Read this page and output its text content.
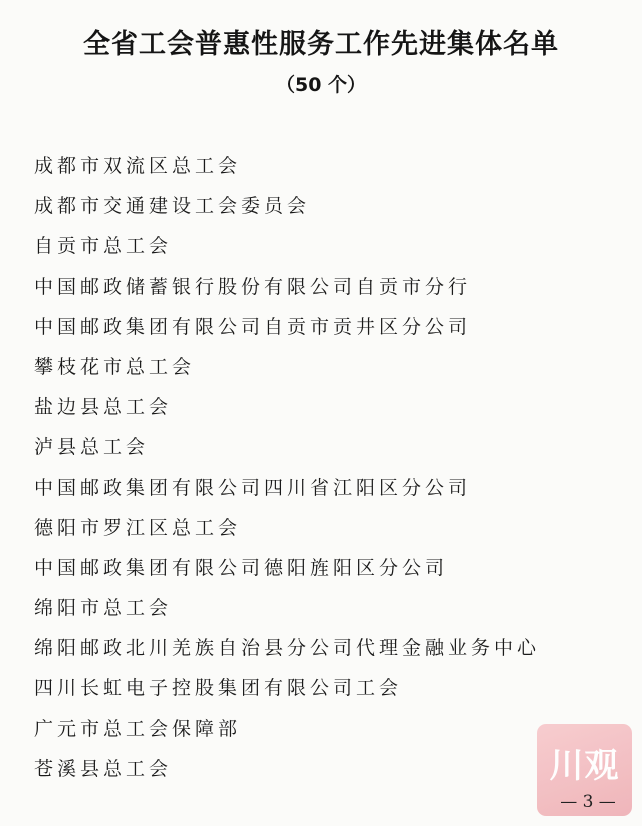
全省工会普惠性服务工作先进集体名单
（50 个）
成都市双流区总工会
成都市交通建设工会委员会
自贡市总工会
中国邮政储蓄银行股份有限公司自贡市分行
中国邮政集团有限公司自贡市贡井区分公司
攀枝花市总工会
盐边县总工会
泸县总工会
中国邮政集团有限公司四川省江阳区分公司
德阳市罗江区总工会
中国邮政集团有限公司德阳旌阳区分公司
绵阳市总工会
绵阳邮政北川羌族自治县分公司代理金融业务中心
四川长虹电子控股集团有限公司工会
广元市总工会保障部
苍溪县总工会	川观
— 3 —
